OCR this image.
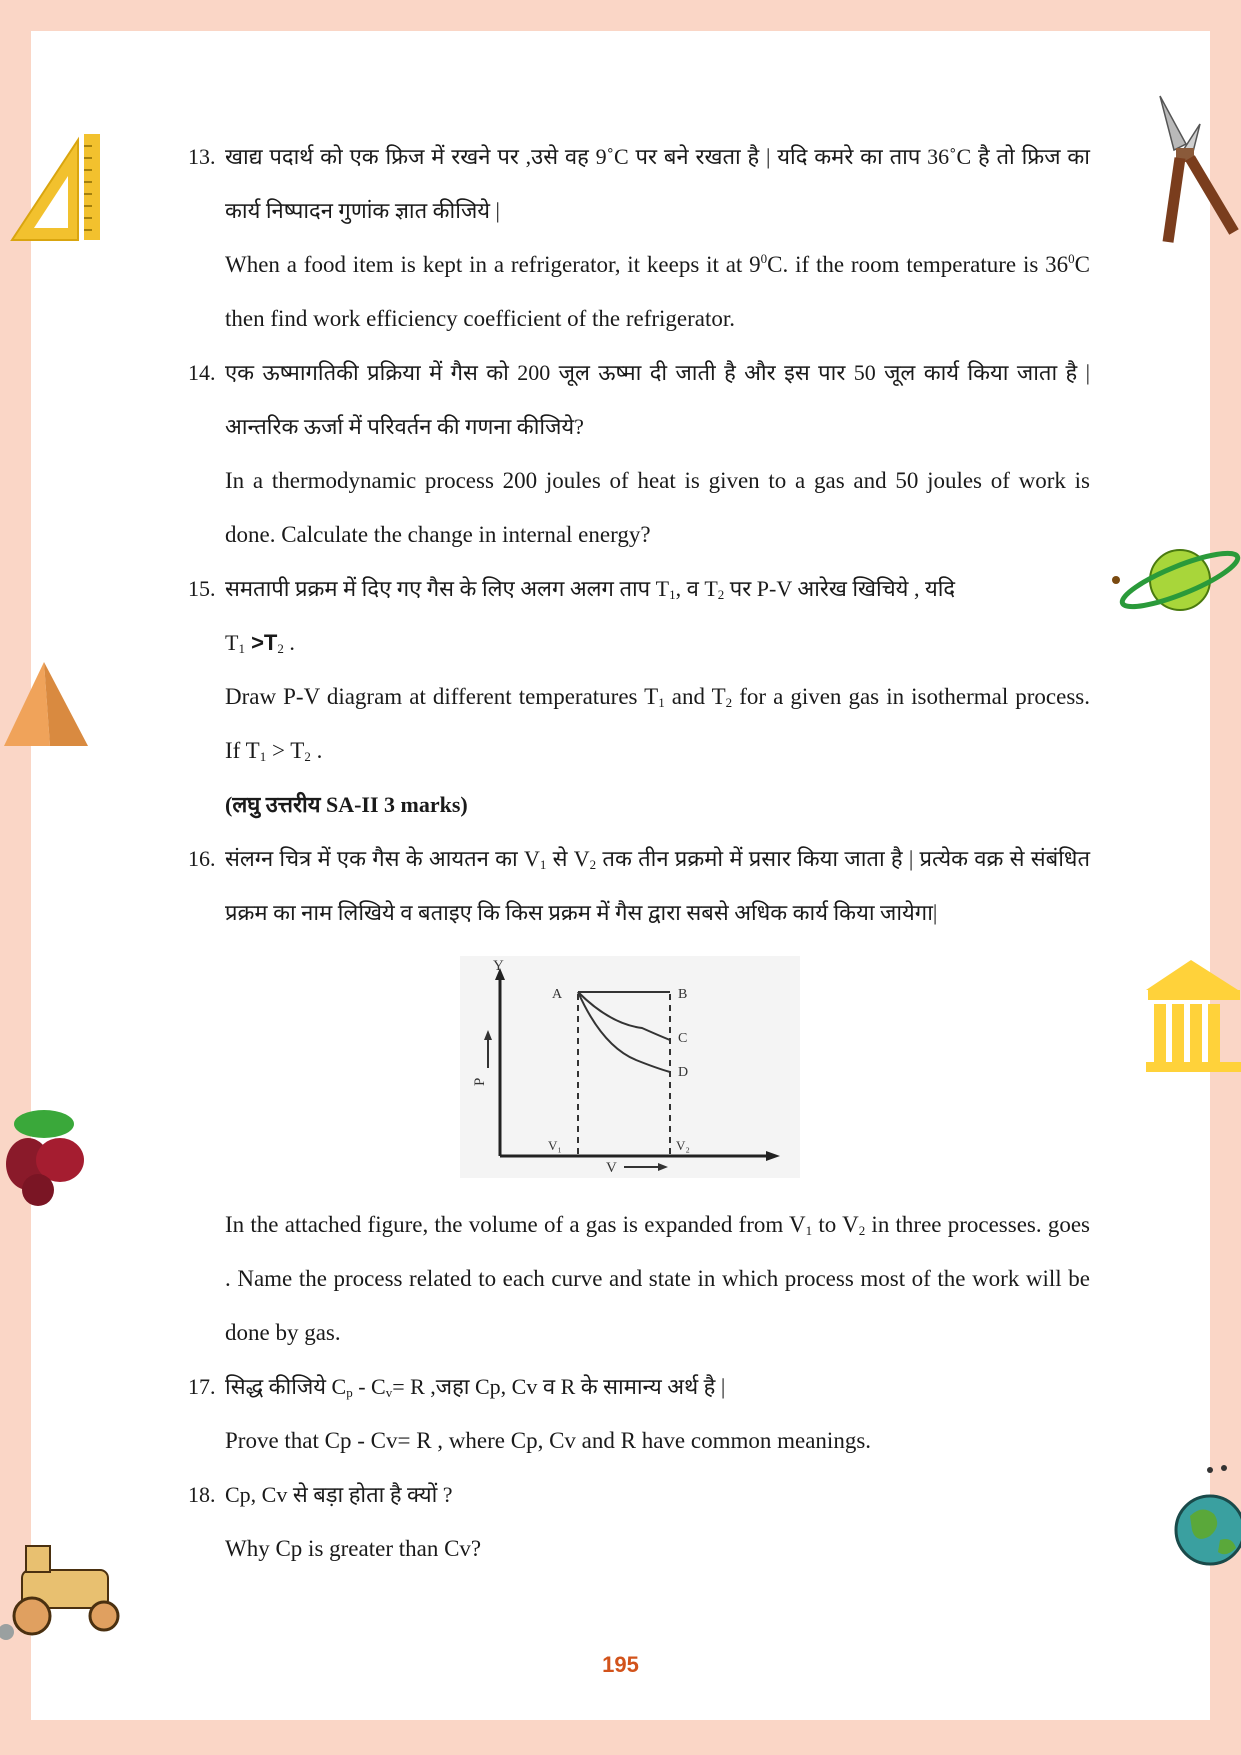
13. खाद्य पदार्थ को एक फ्रिज में रखने पर ,उसे वह 9˚C पर बने रखता है | यदि कमरे का ताप 36˚C है तो फ्रिज का कार्य निष्पादन गुणांक ज्ञात कीजिये |
When a food item is kept in a refrigerator, it keeps it at $9^0C$. if the room temperature is $36^0C$ then find work efficiency coefficient of the refrigerator.
14. एक ऊष्मागतिकी प्रक्रिया में गैस को 200 जूल ऊष्मा दी जाती है और इस पार 50 जूल कार्य किया जाता है | आन्तरिक ऊर्जा में परिवर्तन की गणना कीजिये?
In a thermodynamic process 200 joules of heat is given to a gas and 50 joules of work is done. Calculate the change in internal energy?
15. समतापी प्रक्रम में दिए गए गैस के लिए अलग अलग ताप $T_1$, व $T_2$ पर P-V आरेख खिचिये , यदि
$T_1 >T_2$ .
Draw P-V diagram at different temperatures $T_1$ and $T_2$ for a given gas in isothermal process. If $T_1 > T_2$ .
(लघु उत्तरीय SA-II 3 marks)
16. संलग्न चित्र में एक गैस के आयतन का $V_1$ से $V_2$ तक तीन प्रक्रमो में प्रसार किया जाता है | प्रत्येक वक्र से संबंधित प्रक्रम का नाम लिखिये व बताइए कि किस प्रक्रम में गैस द्वारा सबसे अधिक कार्य किया जायेगा|
Y
P
V
A	B
C
D
V₁	V₂
In the attached figure, the volume of a gas is expanded from $V_1$ to $V_2$ in three processes. goes . Name the process related to each curve and state in which process most of the work will be done by gas.
17. सिद्ध कीजिये $C_p - C_v= R$ ,जहा Cp, Cv व R के सामान्य अर्थ है |
Prove that Cp - Cv= R , where Cp, Cv and R have common meanings.
18. Cp, Cv से बड़ा होता है क्यों ?
Why Cp is greater than Cv?
195
